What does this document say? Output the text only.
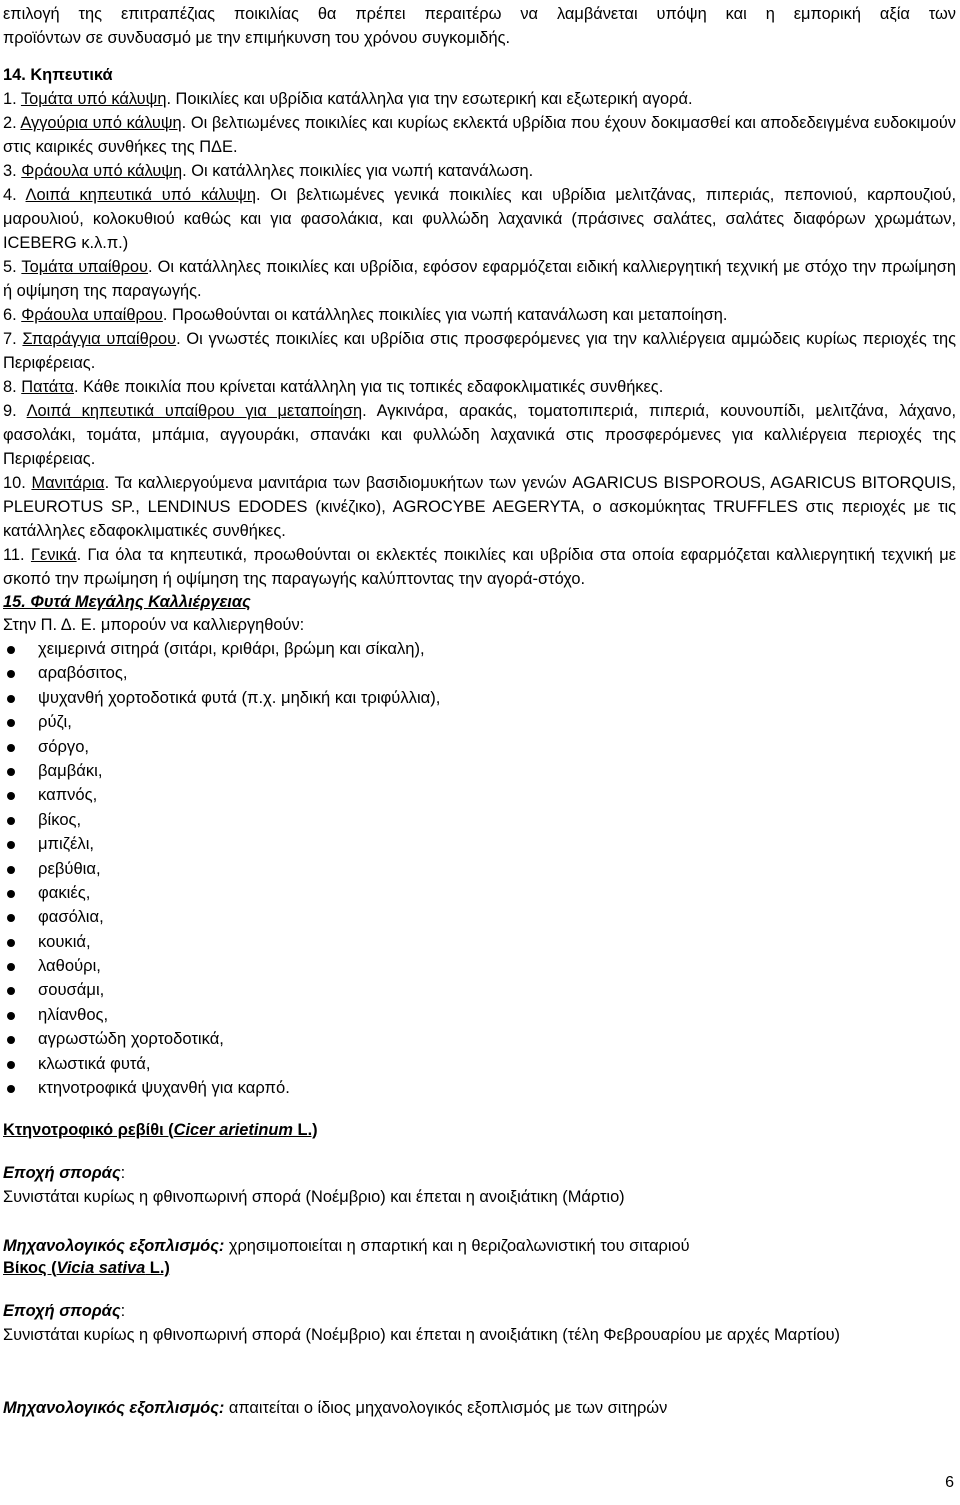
επιλογή της επιτραπέζιας ποικιλίας θα πρέπει περαιτέρω να λαμβάνεται υπόψη και η εμπορική αξία των

προϊόντων σε συνδυασμό με την επιμήκυνση του χρόνου συγκομιδής.

14. Κηπευτικά

1. Τομάτα υπό κάλυψη. Ποικιλίες και υβρίδια κατάλληλα για την εσωτερική και εξωτερική αγορά.

2. Αγγούρια υπό κάλυψη. Οι βελτιωμένες ποικιλίες και κυρίως εκλεκτά υβρίδια που έχουν δοκιμασθεί και αποδεδειγμένα ευδοκιμούν στις καιρικές συνθήκες της ΠΔΕ.

3. Φράουλα υπό κάλυψη. Οι κατάλληλες ποικιλίες για νωπή κατανάλωση.

4. Λοιπά κηπευτικά υπό κάλυψη. Οι βελτιωμένες γενικά ποικιλίες και υβρίδια μελιτζάνας, πιπεριάς, πεπονιού, καρπουζιού, μαρουλιού, κολοκυθιού καθώς και για φασολάκια, και φυλλώδη λαχανικά (πράσινες σαλάτες, σαλάτες διαφόρων χρωμάτων, ICEBERG κ.λ.π.)

5. Τομάτα υπαίθρου. Οι κατάλληλες ποικιλίες και υβρίδια, εφόσον εφαρμόζεται ειδική καλλιεργητική τεχνική με στόχο την πρωίμηση ή οψίμηση της παραγωγής.

6. Φράουλα υπαίθρου. Προωθούνται οι κατάλληλες ποικιλίες για νωπή κατανάλωση και μεταποίηση.

7. Σπαράγγια υπαίθρου. Οι γνωστές ποικιλίες και υβρίδια στις προσφερόμενες για την καλλιέργεια αμμώδεις κυρίως περιοχές της Περιφέρειας.

8. Πατάτα. Κάθε ποικιλία που κρίνεται κατάλληλη για τις τοπικές εδαφοκλιματικές συνθήκες.

9. Λοιπά κηπευτικά υπαίθρου για μεταποίηση. Αγκινάρα, αρακάς, τοματοπιπεριά, πιπεριά, κουνουπίδι, μελιτζάνα, λάχανο, φασολάκι, τομάτα, μπάμια, αγγουράκι, σπανάκι και φυλλώδη λαχανικά στις προσφερόμενες για καλλιέργεια περιοχές της Περιφέρειας.

10. Μανιτάρια. Τα καλλιεργούμενα μανιτάρια των βασιδιομυκήτων των γενών AGARICUS BISPOROUS, AGARICUS BITORQUIS, PLEUROTUS SP., LENDINUS EDODES (κινέζικο), AGROCYBE AEGERYTA, ο ασκομύκητας TRUFFLES στις περιοχές με τις κατάλληλες εδαφοκλιματικές συνθήκες.

11. Γενικά. Για όλα τα κηπευτικά, προωθούνται οι εκλεκτές ποικιλίες και υβρίδια στα οποία εφαρμόζεται καλλιεργητική τεχνική με σκοπό την πρωίμηση ή οψίμηση της παραγωγής καλύπτοντας την αγορά-στόχο.

15. Φυτά Μεγάλης Καλλιέργειας

Στην Π. Δ. Ε. μπορούν να καλλιεργηθούν:

χειμερινά σιτηρά (σιτάρι, κριθάρι, βρώμη και σίκαλη),
αραβόσιτος,
ψυχανθή χορτοδοτικά φυτά (π.χ. μηδική και τριφύλλια),
ρύζι,
σόργο,
βαμβάκι,
καπνός,
βίκος,
μπιζέλι,
ρεβύθια,
φακιές,
φασόλια,
κουκιά,
λαθούρι,
σουσάμι,
ηλίανθος,
αγρωστώδη χορτοδοτικά,
κλωστικά φυτά,
κτηνοτροφικά ψυχανθή για καρπό.

Κτηνοτροφικό ρεβίθι (Cicer arietinum L.)

Εποχή σποράς:

Συνιστάται κυρίως η φθινοπωρινή σπορά (Νοέμβριο) και έπεται η ανοιξιάτικη (Μάρτιο)

Μηχανολογικός εξοπλισμός: χρησιμοποιείται η σπαρτική και η θεριζοαλωνιστική του σιταριού

Βίκος (Vicia sativa L.)

Εποχή σποράς:

Συνιστάται κυρίως η φθινοπωρινή σπορά (Νοέμβριο) και έπεται η ανοιξιάτικη (τέλη Φεβρουαρίου με αρχές Μαρτίου)

Μηχανολογικός εξοπλισμός: απαιτείται ο ίδιος μηχανολογικός εξοπλισμός με των σιτηρών

6
